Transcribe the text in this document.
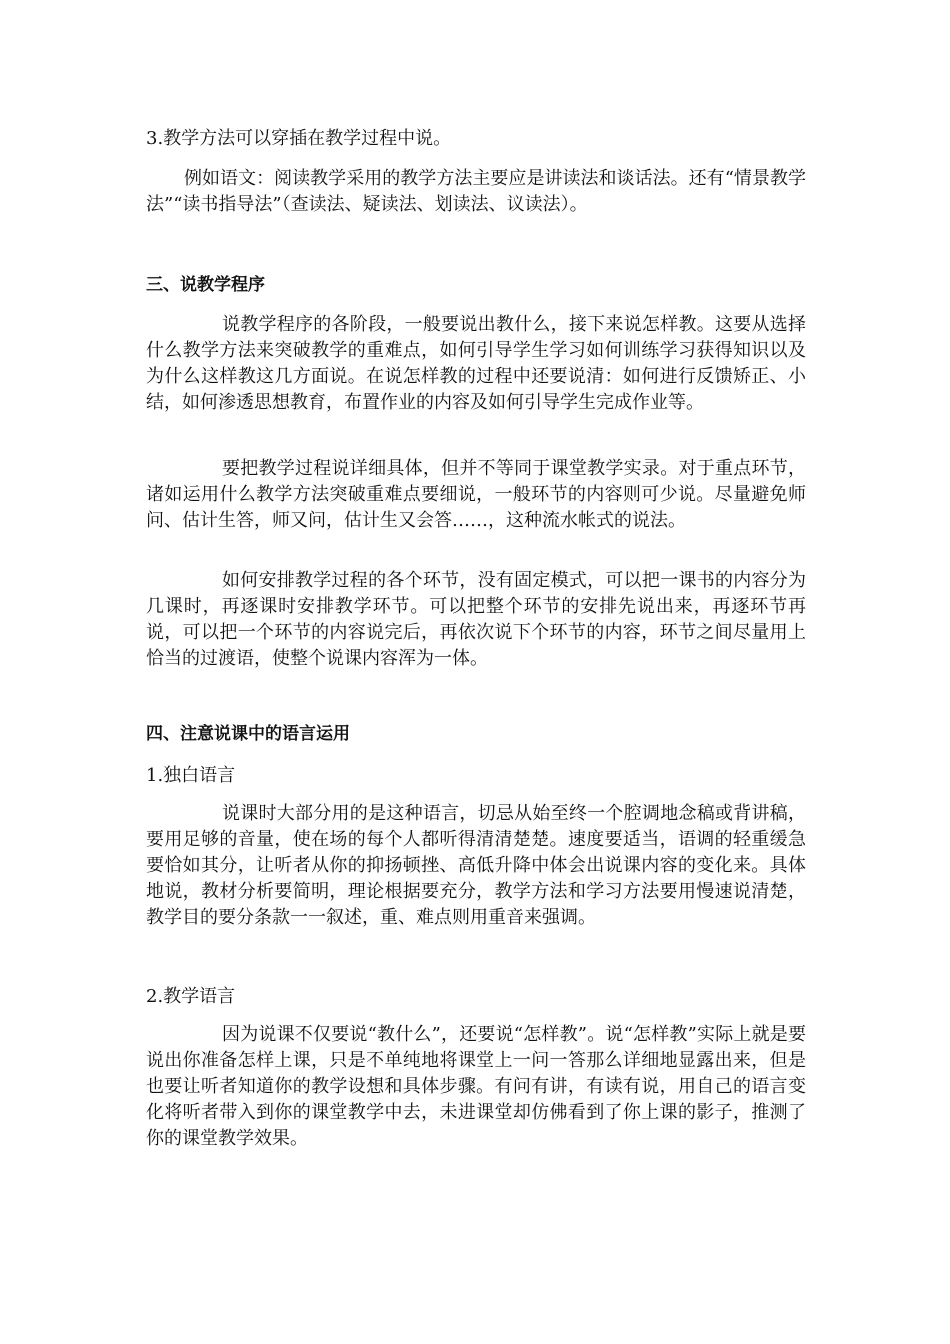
3.教学方法可以穿插在教学过程中说。

例如语文：阅读教学采用的教学方法主要应是讲读法和谈话法。还有“情景教学法”“读书指导法”（查读法、疑读法、划读法、议读法）。

三、说教学程序

说教学程序的各阶段，一般要说出教什么，接下来说怎样教。这要从选择什么教学方法来突破教学的重难点，如何引导学生学习如何训练学习获得知识以及为什么这样教这几方面说。在说怎样教的过程中还要说清：如何进行反馈矫正、小结，如何渗透思想教育，布置作业的内容及如何引导学生完成作业等。

要把教学过程说详细具体，但并不等同于课堂教学实录。对于重点环节，诸如运用什么教学方法突破重难点要细说，一般环节的内容则可少说。尽量避免师问、估计生答，师又问，估计生又会答……，这种流水帐式的说法。

如何安排教学过程的各个环节，没有固定模式，可以把一课书的内容分为几课时，再逐课时安排教学环节。可以把整个环节的安排先说出来，再逐环节再说，可以把一个环节的内容说完后，再依次说下个环节的内容，环节之间尽量用上恰当的过渡语，使整个说课内容浑为一体。

四、注意说课中的语言运用

1.独白语言

说课时大部分用的是这种语言，切忌从始至终一个腔调地念稿或背讲稿，要用足够的音量，使在场的每个人都听得清清楚楚。速度要适当，语调的轻重缓急要恰如其分，让听者从你的抑扬顿挫、高低升降中体会出说课内容的变化来。具体地说，教材分析要简明，理论根据要充分，教学方法和学习方法要用慢速说清楚，教学目的要分条款一一叙述，重、难点则用重音来强调。

2.教学语言

因为说课不仅要说“教什么”，还要说“怎样教”。说“怎样教”实际上就是要说出你准备怎样上课，只是不单纯地将课堂上一问一答那么详细地显露出来，但是也要让听者知道你的教学设想和具体步骤。有问有讲，有读有说，用自己的语言变化将听者带入到你的课堂教学中去，未进课堂却仿佛看到了你上课的影子，推测了你的课堂教学效果。
